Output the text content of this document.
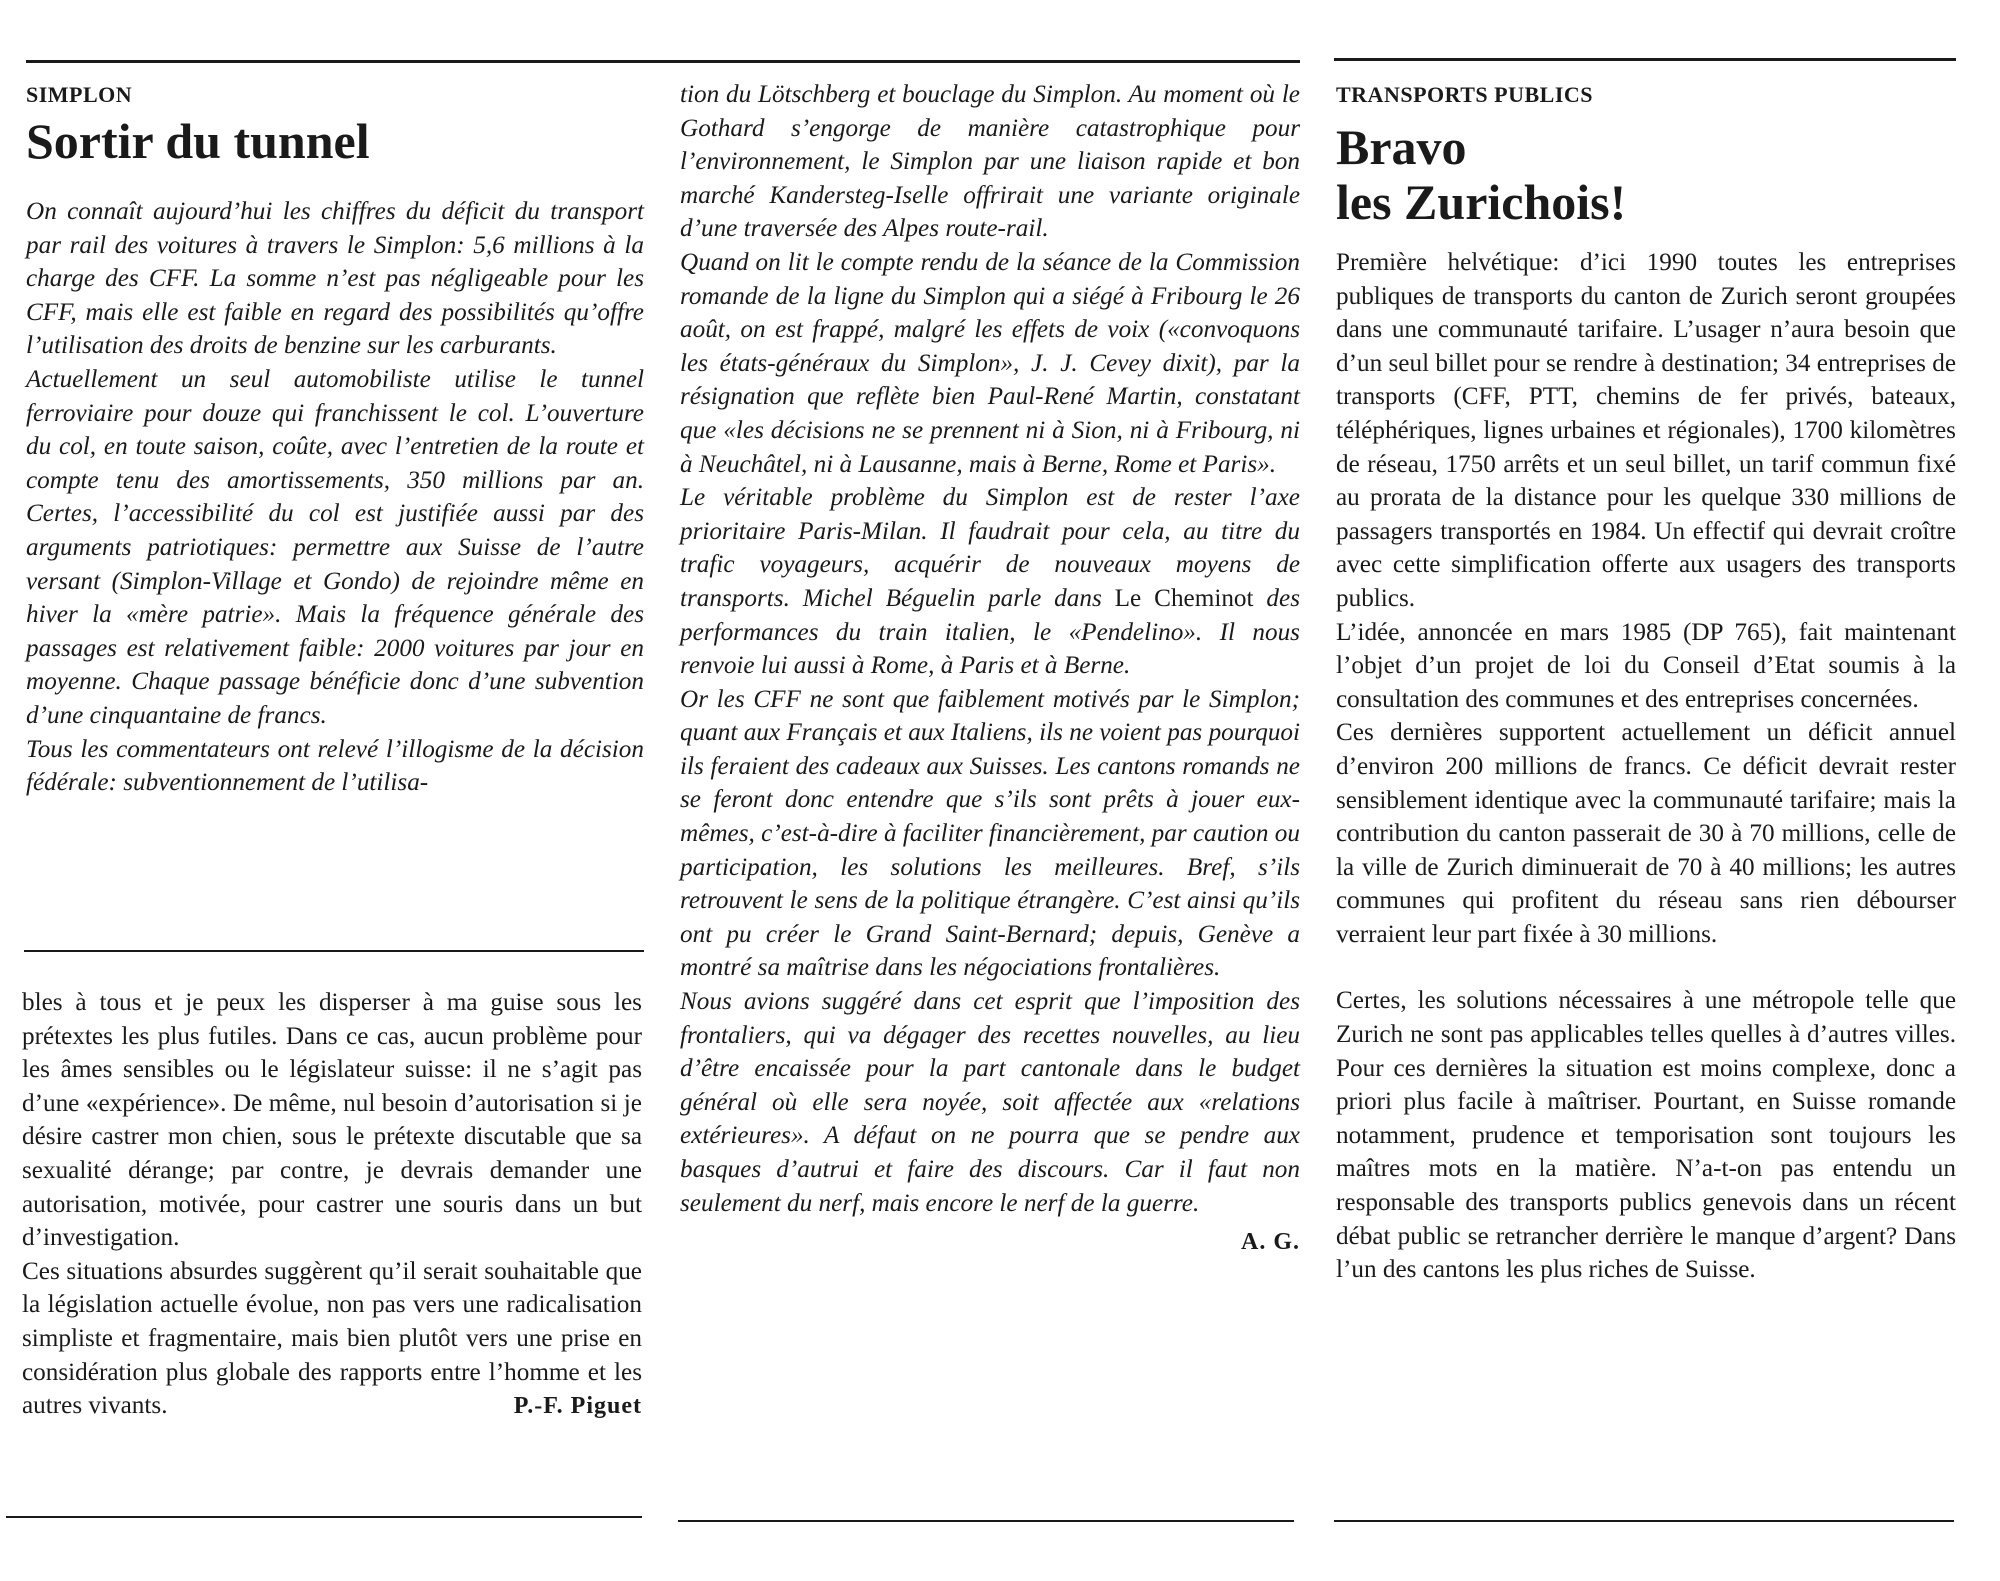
SIMPLON
Sortir du tunnel

On connaît aujourd’hui les chiffres du déficit du transport par rail des voitures à travers le Simplon: 5,6 millions à la charge des CFF. La somme n’est pas négligeable pour les CFF, mais elle est faible en regard des possibilités qu’offre l’utilisation des droits de benzine sur les carburants.

Actuellement un seul automobiliste utilise le tunnel ferroviaire pour douze qui franchissent le col. L’ouverture du col, en toute saison, coûte, avec l’entretien de la route et compte tenu des amortissements, 350 millions par an. Certes, l’accessibilité du col est justifiée aussi par des arguments patriotiques: permettre aux Suisse de l’autre versant (Simplon-Village et Gondo) de rejoindre même en hiver la «mère patrie». Mais la fréquence générale des passages est relativement faible: 2000 voitures par jour en moyenne. Chaque passage bénéficie donc d’une subvention d’une cinquantaine de francs.

Tous les commentateurs ont relevé l’illogisme de la décision fédérale: subventionnement de l’utilisa-

bles à tous et je peux les disperser à ma guise sous les prétextes les plus futiles. Dans ce cas, aucun problème pour les âmes sensibles ou le législateur suisse: il ne s’agit pas d’une «expérience». De même, nul besoin d’autorisation si je désire castrer mon chien, sous le prétexte discutable que sa sexualité dérange; par contre, je devrais demander une autorisation, motivée, pour castrer une souris dans un but d’investigation.

Ces situations absurdes suggèrent qu’il serait souhaitable que la législation actuelle évolue, non pas vers une radicalisation simpliste et fragmentaire, mais bien plutôt vers une prise en considération plus globale des rapports entre l’homme et les autres vivants.	P.-F. Piguet

tion du Lötschberg et bouclage du Simplon. Au moment où le Gothard s’engorge de manière catastrophique pour l’environnement, le Simplon par une liaison rapide et bon marché Kandersteg-Iselle offrirait une variante originale d’une traversée des Alpes route-rail.

Quand on lit le compte rendu de la séance de la Commission romande de la ligne du Simplon qui a siégé à Fribourg le 26 août, on est frappé, malgré les effets de voix («convoquons les états-généraux du Simplon», J. J. Cevey dixit), par la résignation que reflète bien Paul-René Martin, constatant que «les décisions ne se prennent ni à Sion, ni à Fribourg, ni à Neuchâtel, ni à Lausanne, mais à Berne, Rome et Paris».

Le véritable problème du Simplon est de rester l’axe prioritaire Paris-Milan. Il faudrait pour cela, au titre du trafic voyageurs, acquérir de nouveaux moyens de transports. Michel Béguelin parle dans Le Cheminot des performances du train italien, le «Pendelino». Il nous renvoie lui aussi à Rome, à Paris et à Berne.

Or les CFF ne sont que faiblement motivés par le Simplon; quant aux Français et aux Italiens, ils ne voient pas pourquoi ils feraient des cadeaux aux Suisses. Les cantons romands ne se feront donc entendre que s’ils sont prêts à jouer eux-mêmes, c’est-à-dire à faciliter financièrement, par caution ou participation, les solutions les meilleures. Bref, s’ils retrouvent le sens de la politique étrangère. C’est ainsi qu’ils ont pu créer le Grand Saint-Bernard; depuis, Genève a montré sa maîtrise dans les négociations frontalières.

Nous avions suggéré dans cet esprit que l’imposition des frontaliers, qui va dégager des recettes nouvelles, au lieu d’être encaissée pour la part cantonale dans le budget général où elle sera noyée, soit affectée aux «relations extérieures». A défaut on ne pourra que se pendre aux basques d’autrui et faire des discours. Car il faut non seulement du nerf, mais encore le nerf de la guerre.

A. G.
TRANSPORTS PUBLICS
Bravo
les Zurichois!

Première helvétique: d’ici 1990 toutes les entreprises publiques de transports du canton de Zurich seront groupées dans une communauté tarifaire. L’usager n’aura besoin que d’un seul billet pour se rendre à destination; 34 entreprises de transports (CFF, PTT, chemins de fer privés, bateaux, téléphériques, lignes urbaines et régionales), 1700 kilomètres de réseau, 1750 arrêts et un seul billet, un tarif commun fixé au prorata de la distance pour les quelque 330 millions de passagers transportés en 1984. Un effectif qui devrait croître avec cette simplification offerte aux usagers des transports publics.

L’idée, annoncée en mars 1985 (DP 765), fait maintenant l’objet d’un projet de loi du Conseil d’Etat soumis à la consultation des communes et des entreprises concernées.

Ces dernières supportent actuellement un déficit annuel d’environ 200 millions de francs. Ce déficit devrait rester sensiblement identique avec la communauté tarifaire; mais la contribution du canton passerait de 30 à 70 millions, celle de la ville de Zurich diminuerait de 70 à 40 millions; les autres communes qui profitent du réseau sans rien débourser verraient leur part fixée à 30 millions.

Certes, les solutions nécessaires à une métropole telle que Zurich ne sont pas applicables telles quelles à d’autres villes. Pour ces dernières la situation est moins complexe, donc a priori plus facile à maîtriser. Pourtant, en Suisse romande notamment, prudence et temporisation sont toujours les maîtres mots en la matière. N’a-t-on pas entendu un responsable des transports publics genevois dans un récent débat public se retrancher derrière le manque d’argent? Dans l’un des cantons les plus riches de Suisse.
